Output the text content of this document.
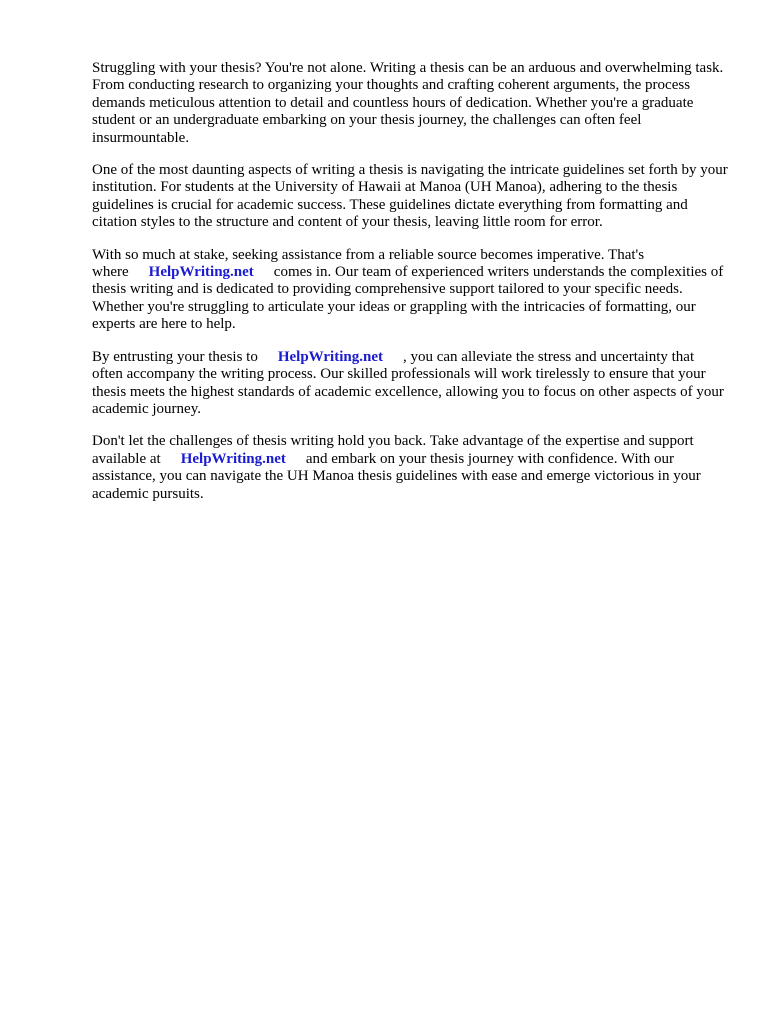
Struggling with your thesis? You're not alone. Writing a thesis can be an arduous and overwhelming task. From conducting research to organizing your thoughts and crafting coherent arguments, the process demands meticulous attention to detail and countless hours of dedication. Whether you're a graduate student or an undergraduate embarking on your thesis journey, the challenges can often feel insurmountable.

One of the most daunting aspects of writing a thesis is navigating the intricate guidelines set forth by your institution. For students at the University of Hawaii at Manoa (UH Manoa), adhering to the thesis guidelines is crucial for academic success. These guidelines dictate everything from formatting and citation styles to the structure and content of your thesis, leaving little room for error.

With so much at stake, seeking assistance from a reliable source becomes imperative. That's where HelpWriting.net comes in. Our team of experienced writers understands the complexities of thesis writing and is dedicated to providing comprehensive support tailored to your specific needs. Whether you're struggling to articulate your ideas or grappling with the intricacies of formatting, our experts are here to help.

By entrusting your thesis to HelpWriting.net , you can alleviate the stress and uncertainty that often accompany the writing process. Our skilled professionals will work tirelessly to ensure that your thesis meets the highest standards of academic excellence, allowing you to focus on other aspects of your academic journey.

Don't let the challenges of thesis writing hold you back. Take advantage of the expertise and support available at HelpWriting.net and embark on your thesis journey with confidence. With our assistance, you can navigate the UH Manoa thesis guidelines with ease and emerge victorious in your academic pursuits.
